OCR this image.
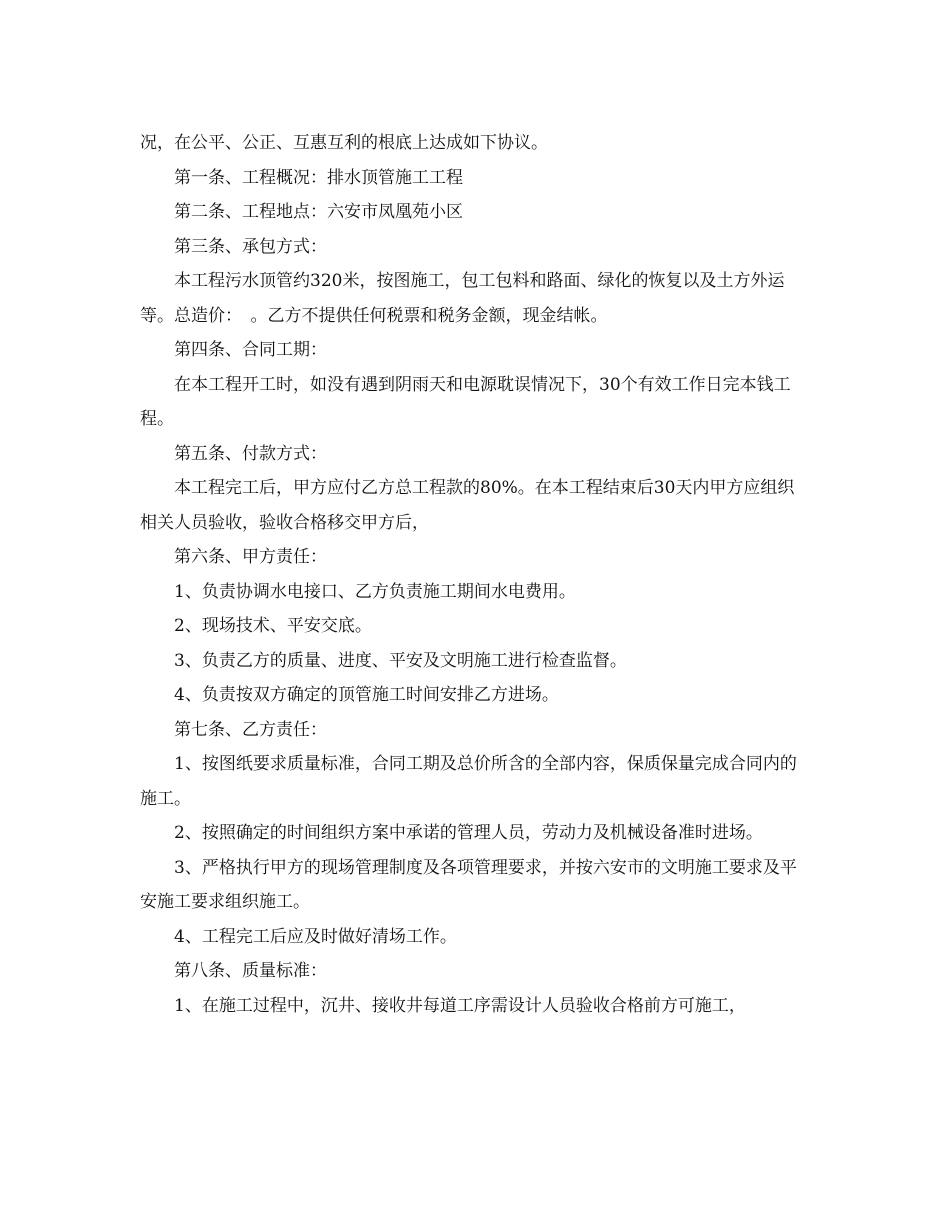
况，在公平、公正、互惠互利的根底上达成如下协议。

第一条、工程概况：排水顶管施工工程

第二条、工程地点：六安市凤凰苑小区

第三条、承包方式：

本工程污水顶管约320米，按图施工，包工包料和路面、绿化的恢复以及土方外运等。总造价：　。乙方不提供任何税票和税务金额，现金结帐。

第四条、合同工期：

在本工程开工时，如没有遇到阴雨天和电源耽误情况下，30个有效工作日完本钱工程。

第五条、付款方式：

本工程完工后，甲方应付乙方总工程款的80%。在本工程结束后30天内甲方应组织相关人员验收，验收合格移交甲方后，

第六条、甲方责任：

1、负责协调水电接口、乙方负责施工期间水电费用。

2、现场技术、平安交底。

3、负责乙方的质量、进度、平安及文明施工进行检查监督。

4、负责按双方确定的顶管施工时间安排乙方进场。

第七条、乙方责任：

1、按图纸要求质量标准，合同工期及总价所含的全部内容，保质保量完成合同内的施工。

2、按照确定的时间组织方案中承诺的管理人员，劳动力及机械设备准时进场。

3、严格执行甲方的现场管理制度及各项管理要求，并按六安市的文明施工要求及平安施工要求组织施工。

4、工程完工后应及时做好清场工作。

第八条、质量标准：

1、在施工过程中，沉井、接收井每道工序需设计人员验收合格前方可施工，
